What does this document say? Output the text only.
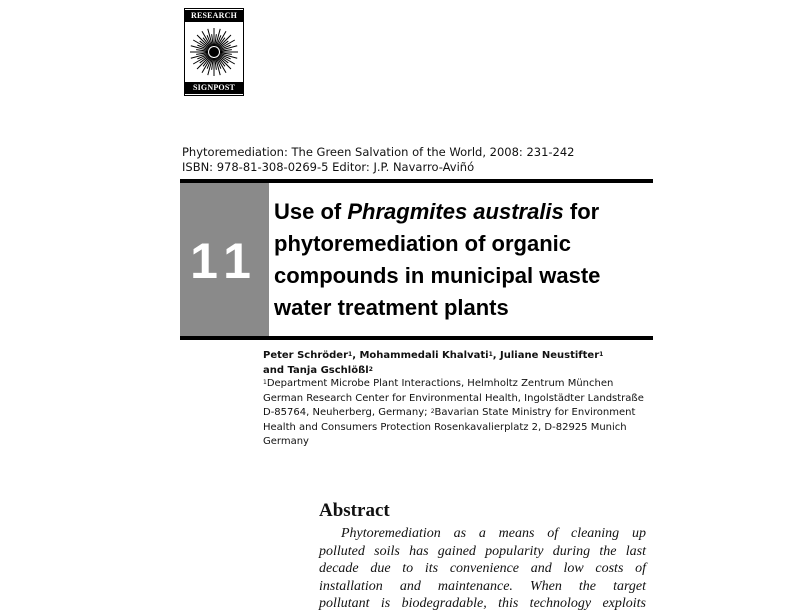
RESEARCH
SIGNPOST
Phytoremediation: The Green Salvation of the World, 2008: 231-242
ISBN: 978-81-308-0269-5 Editor: J.P. Navarro-Aviñó
11
Use of Phragmites australis for
phytoremediation of organic
compounds in municipal waste
water treatment plants
Peter Schröder$^1$, Mohammedali Khalvati$^1$, Juliane Neustifter$^1$
and Tanja Gschlößl$^2$
$^1$Department Microbe Plant Interactions, Helmholtz Zentrum München
German Research Center for Environmental Health, Ingolstädter Landstraße
D-85764, Neuherberg, Germany; $^2$Bavarian State Ministry for Environment
Health and Consumers Protection Rosenkavalierplatz 2, D-82925 Munich
Germany
Abstract
Phytoremediation as a means of cleaning up
polluted soils has gained popularity during the last
decade due to its convenience and low costs of
installation and maintenance. When the target
pollutant is biodegradable, this technology exploits
